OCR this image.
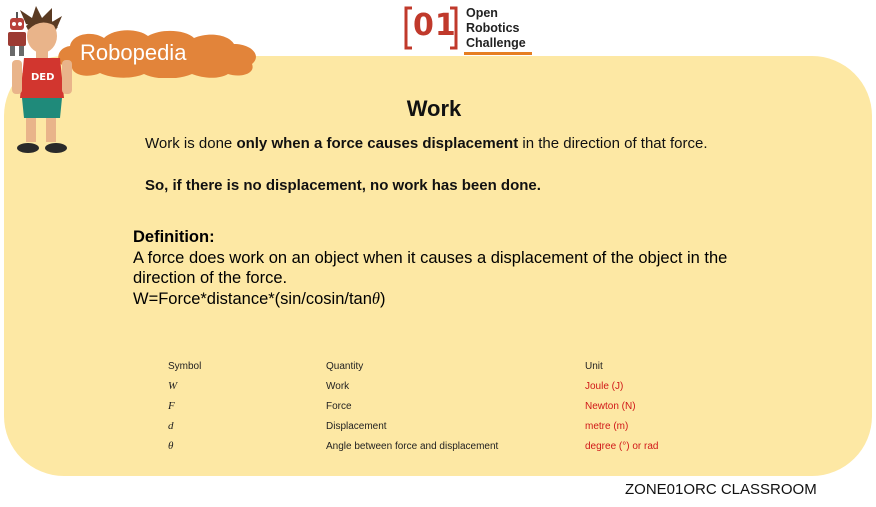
Robopedia
DED
01 Open
Robotics
Challenge
Work
Work is done only when a force causes displacement in the direction of that force.
So, if there is no displacement, no work has been done.
Definition:
A force does work on an object when it causes a displacement of the object in the direction of the force.
W=Force*distance*(sin/cosin/tanθ)
Symbol	Quantity	Unit
W	Work	Joule (J)
F	Force	Newton (N)
d	Displacement	metre (m)
θ	Angle between force and displacement	degree (°) or rad
ZONE01ORC CLASSROOM
